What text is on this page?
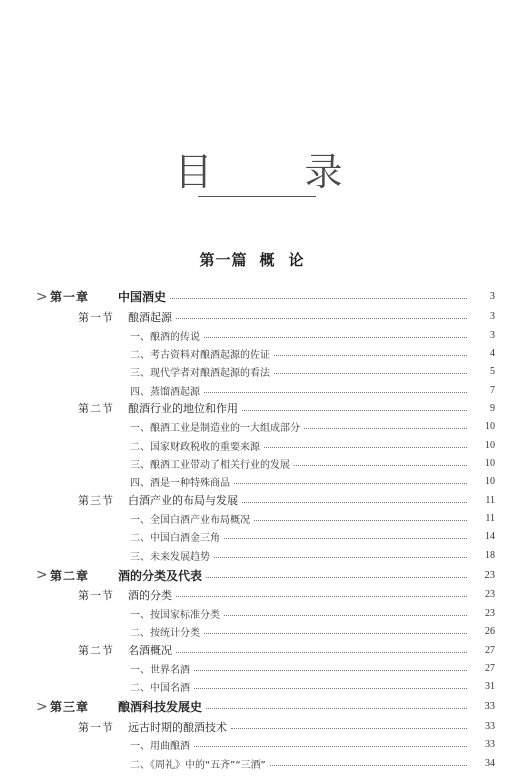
目 录
第一篇 概论
> 第一章 中国酒史	3
第一节 酿酒起源	3
一、酿酒的传说	3
二、考古资料对酿酒起源的佐证	4
三、现代学者对酿酒起源的看法	5
四、蒸馏酒起源	7
第二节 酿酒行业的地位和作用	9
一、酿酒工业是制造业的一大组成部分	10
二、国家财政税收的重要来源	10
三、酿酒工业带动了相关行业的发展	10
四、酒是一种特殊商品	10
第三节 白酒产业的布局与发展	11
一、全国白酒产业布局概况	11
二、中国白酒金三角	14
三、未来发展趋势	18
> 第二章 酒的分类及代表	23
第一节 酒的分类	23
一、按国家标准分类	23
二、按统计分类	26
第二节 名酒概况	27
一、世界名酒	27
二、中国名酒	31
> 第三章 酿酒科技发展史	33
第一节 远古时期的酿酒技术	33
一、用曲酿酒	33
二、《周礼》中的“五齐”“三酒”	34
